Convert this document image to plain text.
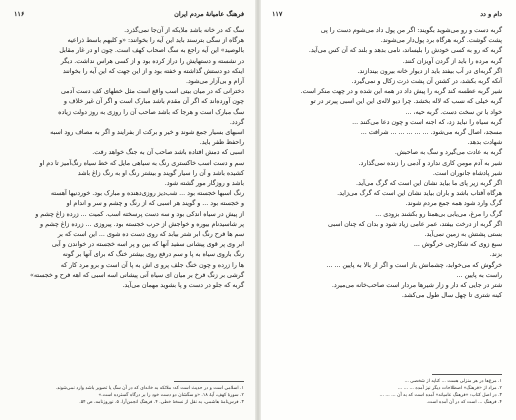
فرهنگ عامیانهٔ مردم ایران
۱۱۶

سگ که در خانه باشد ملایکه از آن‌جا نمی‌گذرد.

هرگاه از سگی بترسند باید این آیه را بخوانند: «و کلبهم باسط ذراعیه

بالوصید» این آیه راجع به سگ اصحاب کهف است. چون او در غار مقابل

در نشسته و دستهایش را دراز کرده بود و از کسی هراس نداشت. دیگر

اینکه دو دستش گذاشته و خفته بود و از این جهت که این آیه را بخوانند

آرام و بی‌آزار می‌شود.

دخترانی که در میان بیتی اسب واقع است مثل خطهای کف دست آدمی

چون آورده‌اند که اگر آن مقدم باشد مبارک است و اگر آن غیر خلاف و

سگ مبارک است و هرجا که باشد صاحب آن را روزی به روز دولت زیاده

گردد.

اسبهای بسیار جمع شوند و خیر و برکت از بفرایند و اگر به مصاف رود اسبه

راحفظ ظفر باید.

اسبی که دمش افتاده باشد صاحب آن به جنگ خواهد رفت.

سم و دست اسب خاکستری رنگ به سیاهی مایل که خط سیاه رنگ‌آمیز تا دم او

کشیده باشد و آن را سیار گویند و بیشتر رنگ او به رنگ زاغ باشد

باشد و روزگار مور گشته شود.

رنگ اسبها خجسته بود ... شب‌دیز روزی‌دهنده و مبارک بود. خوردنیها آهسته

و خجسته بود ... و گویند هر اسبی که از رنگ و چشم و سر و اندام او

از پیش در سیاه اندکی بود و سه دست پرسخته اسب. کمیت ... زرده زاغ چشم و

پر شاسیدنام بیوره و خواجش از حرب خجسته بود. پیروزی ... زرده زاغ چشم و

سم ها فرح رنگ ابر شتر بیابد که روی دست ده شوی ... این است که بر

ابر وی پر قوی پیشانی سفید آنها که بین و پر اسه خجسته در خواندن و آبی

رنگ باروی سیاه به پا و سم درفع روی بیشتر خنگ که برای آنها بر گونه

ها را زرده و چون خنگ جلف پرو ی اش به پا آن است و برو مرد کار که

گرشی بر زنگ فرخ بر میان ای سیاه آنی پیشانی اسه اسبی که اهه فرح و خجسته»

گربه که جلو در دست و پا بشوید مهمان می‌آید.

۱. اسلامی است و در حدیث است که: ملائکه به خانه‌ای که در آن سگ یا تصویر باشد وارد نمی‌شوند.

۲. سورهٔ کهف، آیهٔ ۱۸. «و سگشان دو دست خود را بر درگاه گسترده است.»

۳. فرس‌نامهٔ هاشمی، به نقل از نسخهٔ خطی. ۴. فرهنگ انجمن‌آرا. ۵. نوروزنامه، ص ۵۴.

دام و دد
۱۱۷

گربه دست و رو می‌شوید بگویند: اگر من پول داد می‌شوم دست را پی

پشت گوشت. گربه هرگاه برد پول‌دار می‌شوند.

گربه که رو به کسی خودش را بلیساند، نامی بدهد و بلند که آن کس می‌آید.

گربه مرده را باید از گردن آویزان کنند.

اگر گربه‌ای در آب بیفتد باید از دیوار خانه بیرون بیندازند.

آنکه گربه بکشد، در کشتن آن پشت ذرت زکال و نمی‌گیرد.

شیر گربه عطسه کند گربه را پیش داد در همه این شده و در چهت منکر است.

گربه خیلی که نسب که لاله بخشد. چرا دیو لاله‌ی این این اسبی پیرتر در تو

خواد با تن سخت دست. گربه حیه، ...

گربه سیاه را نباید زد، که اجنه است و چون دعا می‌کنند ...

مسجد، اصال گربه می‌شود. ... ... ... ... ... شرافت ...

شهادت بدهد.

گربه به عادت می‌گیرد و سگ به صاحبش.

شیر به آدم مومن کاری ندارد و آدمی را زنده نمی‌گذارد.

شیر پادشاه جانوران است.

اگر گربه زیر پای ما بیاید نشان این است که گرگ می‌آید.

هرگاه آفتاب باشد و باران بیاید نشان این است که گرگ می‌زاید.

گرگ وارد شود همه جمع مردم شوند.

گرگ را مرغ، می‌یابی بی‌همتا رو بکشند بزودی ...

اگر گربه از درخت بیفتد، عمر عامی زیاد شود و بدان که چنان اسبی

بستی پشتش به زمین نمی‌آید.

سبع زوی که شکارچی خرگوش ...

بزند.

خرگوش که می‌خوابد، چشمانش باز است و اگر از بالا به پایین ... ...

راست به پایین ...

شتر در جایی که دار و زار شیرها مردار است صاحب‌خانه می‌میرد.

کینه شتری تا چهل سال طول می‌کشد.

۱. مرغ‌ها در هر منزلی هست ... کنایه از شخصی ...

۲. مراد از «فرهنگ» اصطلاحات دیگر نیز آمده ... ... ...

۳. در اصل کتاب: «فرهنگ عامیانه» آمده است که به آن ... ... ...

۴. فرهنگ ... است که در آن آمده است.
